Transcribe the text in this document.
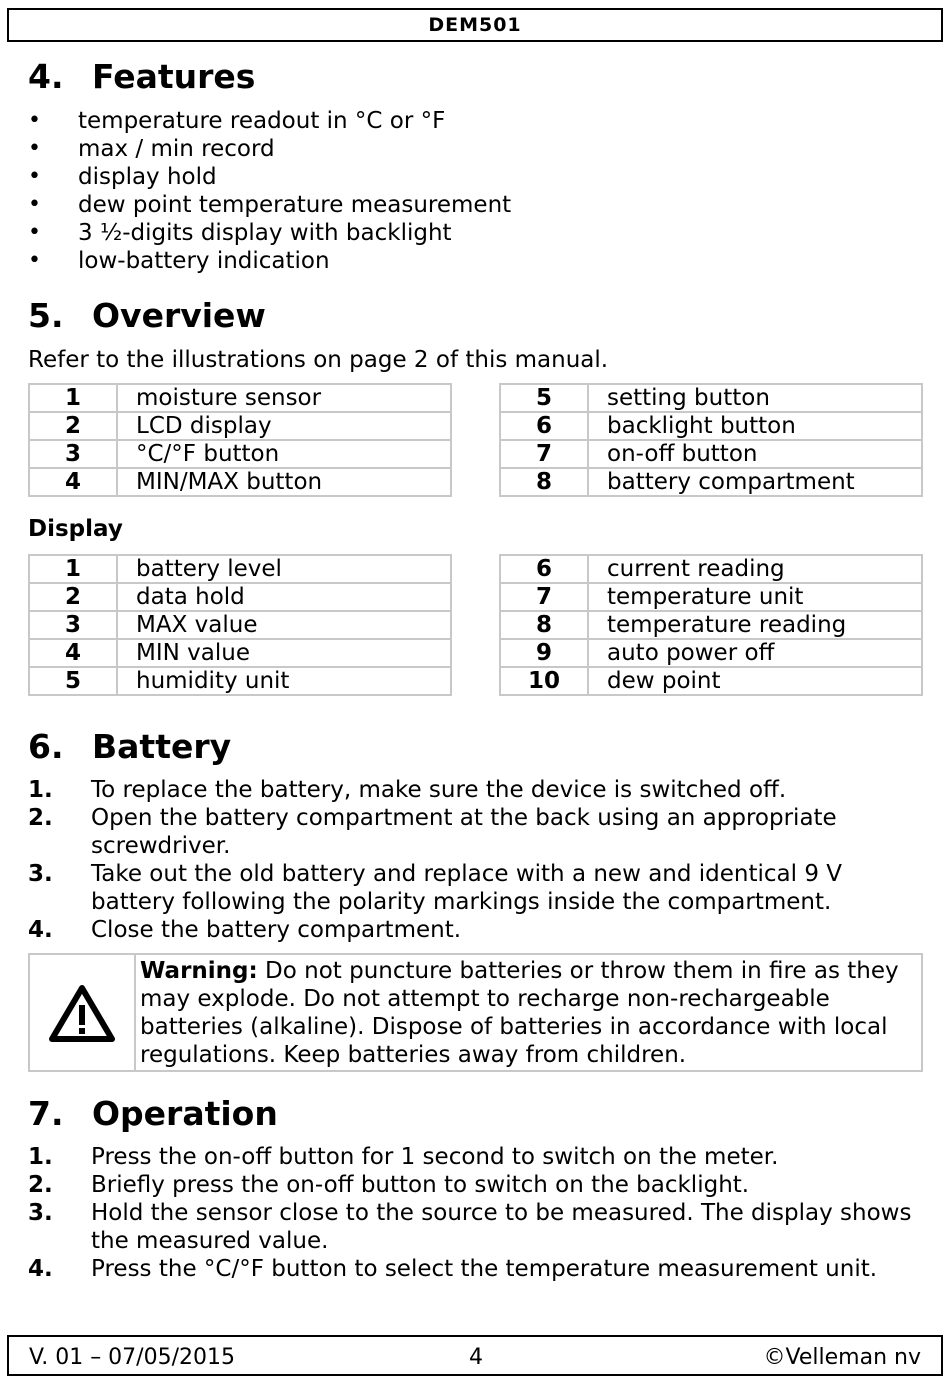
DEM501
4. Features
• temperature readout in °C or °F
• max / min record
• display hold
• dew point temperature measurement
• 3 ½-digits display with backlight
• low-battery indication
5. Overview

Refer to the illustrations on page 2 of this manual.

1	moisture sensor
2	LCD display
3	°C/°F button
4	MIN/MAX button
5	setting button
6	backlight button
7	on-off button
8	battery compartment

Display

1	battery level
2	data hold
3	MAX value
4	MIN value
5	humidity unit
6	current reading
7	temperature unit
8	temperature reading
9	auto power off
10	dew point
6. Battery
1. To replace the battery, make sure the device is switched off.
2. Open the battery compartment at the back using an appropriate screwdriver.
3. Take out the old battery and replace with a new and identical 9 V battery following the polarity markings inside the compartment.
4. Close the battery compartment.
Warning: Do not puncture batteries or throw them in fire as they may explode. Do not attempt to recharge non-rechargeable batteries (alkaline). Dispose of batteries in accordance with local regulations. Keep batteries away from children.
7. Operation
1. Press the on-off button for 1 second to switch on the meter.
2. Briefly press the on-off button to switch on the backlight.
3. Hold the sensor close to the source to be measured. The display shows the measured value.
4. Press the °C/°F button to select the temperature measurement unit.
V. 01 – 07/05/2015	4	©Velleman nv
